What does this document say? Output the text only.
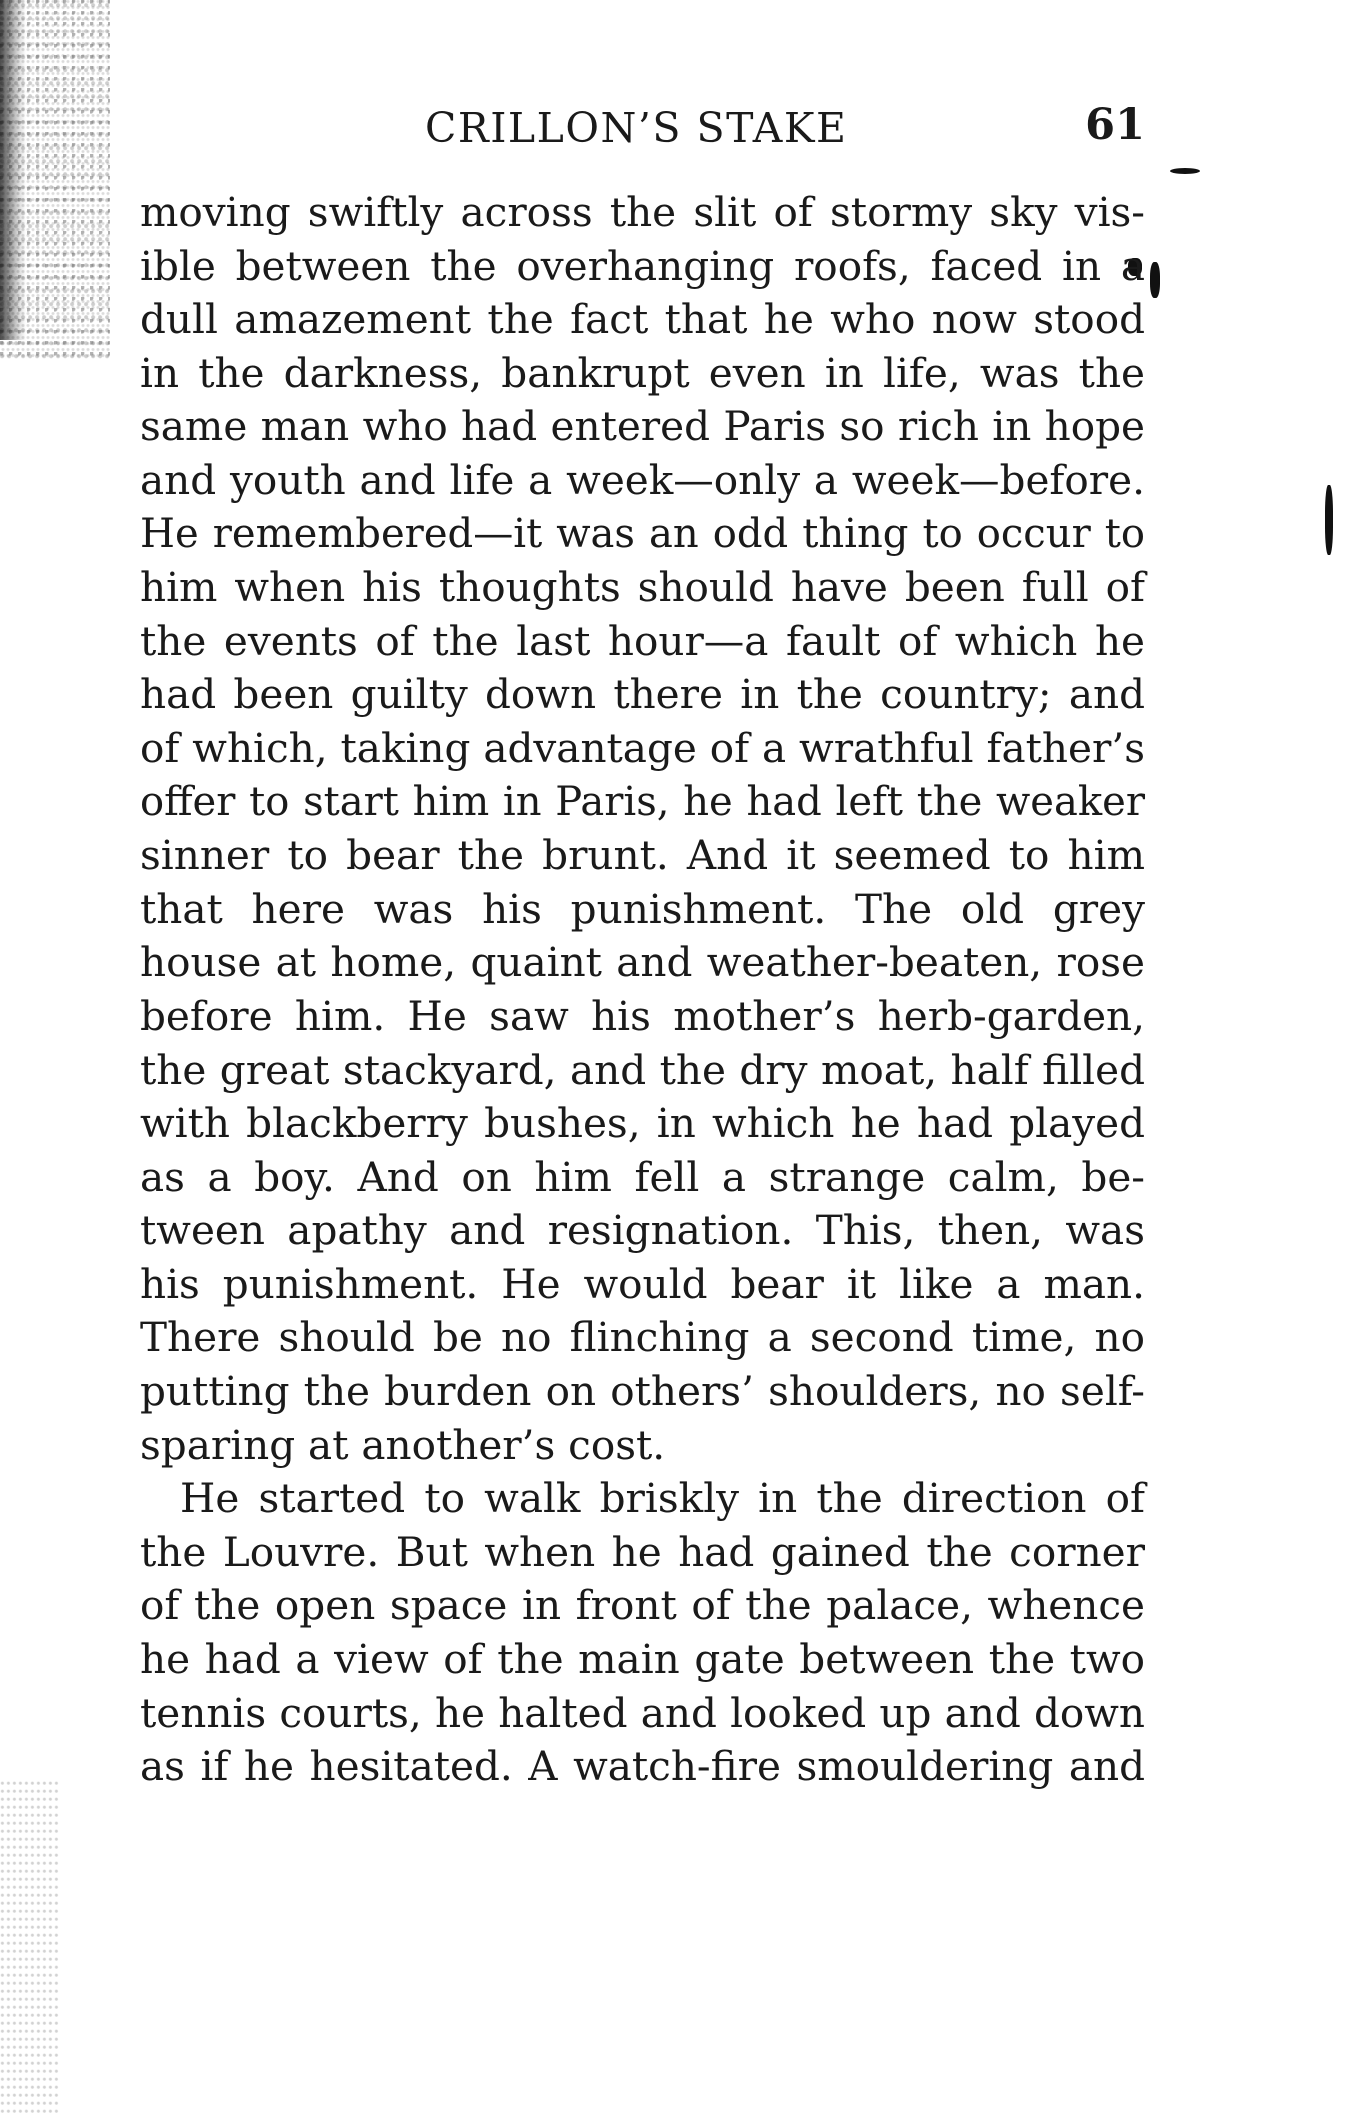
CRILLON’S STAKE	61
moving swiftly across the slit of stormy sky vis-
ible between the overhanging roofs, faced in a
dull amazement the fact that he who now stood
in the darkness, bankrupt even in life, was the
same man who had entered Paris so rich in hope
and youth and life a week—only a week—before.
He remembered—it was an odd thing to occur to
him when his thoughts should have been full of
the events of the last hour—a fault of which he
had been guilty down there in the country; and
of which, taking advantage of a wrathful father’s
offer to start him in Paris, he had left the weaker
sinner to bear the brunt. And it seemed to him
that here was his punishment. The old grey
house at home, quaint and weather-beaten, rose
before him. He saw his mother’s herb-garden,
the great stackyard, and the dry moat, half filled
with blackberry bushes, in which he had played
as a boy. And on him fell a strange calm, be-
tween apathy and resignation. This, then, was
his punishment. He would bear it like a man.
There should be no flinching a second time, no
putting the burden on others’ shoulders, no self-
sparing at another’s cost.
He started to walk briskly in the direction of
the Louvre. But when he had gained the corner
of the open space in front of the palace, whence
he had a view of the main gate between the two
tennis courts, he halted and looked up and down
as if he hesitated. A watch-fire smouldering and
